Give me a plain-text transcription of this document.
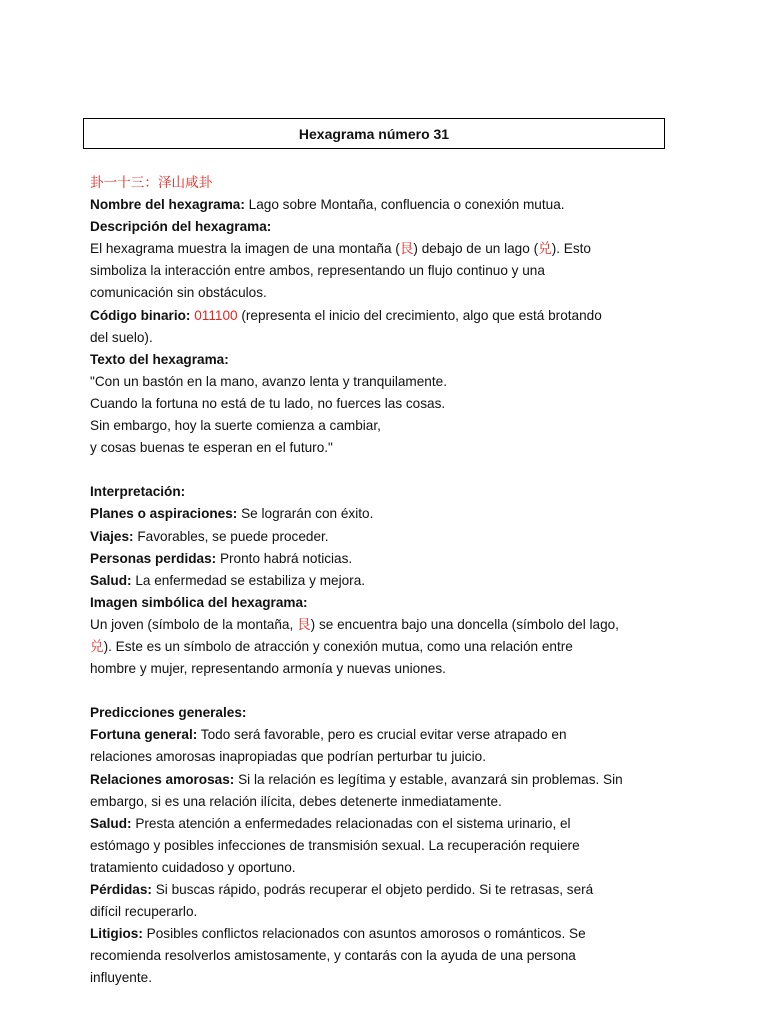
Hexagrama número 31
卦一十三：泽山咸卦
Nombre del hexagrama: Lago sobre Montaña, confluencia o conexión mutua.
Descripción del hexagrama:
El hexagrama muestra la imagen de una montaña (艮) debajo de un lago (兑). Esto
simboliza la interacción entre ambos, representando un flujo continuo y una
comunicación sin obstáculos.
Código binario: 011100 (representa el inicio del crecimiento, algo que está brotando
del suelo).
Texto del hexagrama:
"Con un bastón en la mano, avanzo lenta y tranquilamente.
Cuando la fortuna no está de tu lado, no fuerces las cosas.
Sin embargo, hoy la suerte comienza a cambiar,
y cosas buenas te esperan en el futuro."
Interpretación:
Planes o aspiraciones: Se lograrán con éxito.
Viajes: Favorables, se puede proceder.
Personas perdidas: Pronto habrá noticias.
Salud: La enfermedad se estabiliza y mejora.
Imagen simbólica del hexagrama:
Un joven (símbolo de la montaña, 艮) se encuentra bajo una doncella (símbolo del lago,
兑). Este es un símbolo de atracción y conexión mutua, como una relación entre
hombre y mujer, representando armonía y nuevas uniones.
Predicciones generales:
Fortuna general: Todo será favorable, pero es crucial evitar verse atrapado en
relaciones amorosas inapropiadas que podrían perturbar tu juicio.
Relaciones amorosas: Si la relación es legítima y estable, avanzará sin problemas. Sin
embargo, si es una relación ilícita, debes detenerte inmediatamente.
Salud: Presta atención a enfermedades relacionadas con el sistema urinario, el
estómago y posibles infecciones de transmisión sexual. La recuperación requiere
tratamiento cuidadoso y oportuno.
Pérdidas: Si buscas rápido, podrás recuperar el objeto perdido. Si te retrasas, será
difícil recuperarlo.
Litigios: Posibles conflictos relacionados con asuntos amorosos o románticos. Se
recomienda resolverlos amistosamente, y contarás con la ayuda de una persona
influyente.
